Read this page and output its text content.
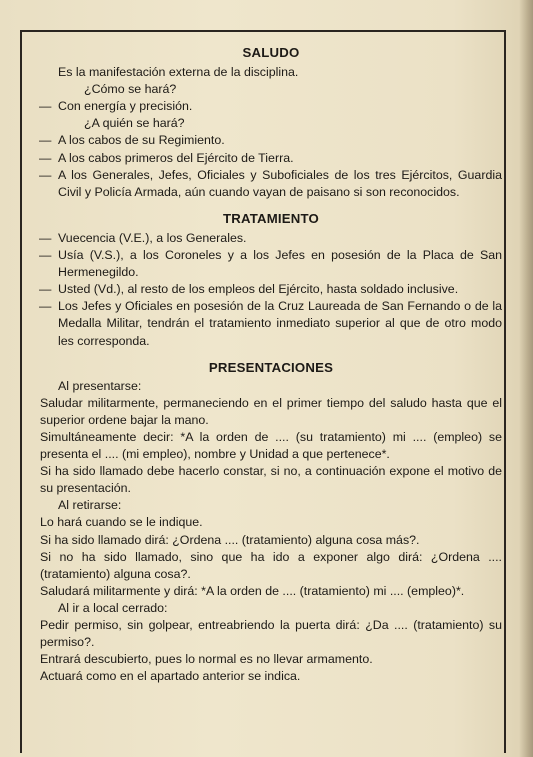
SALUDO

Es la manifestación externa de la disciplina.

¿Cómo se hará?

— Con energía y precisión.

¿A quién se hará?

— A los cabos de su Regimiento.

— A los cabos primeros del Ejército de Tierra.

— A los Generales, Jefes, Oficiales y Suboficiales de los tres Ejércitos, Guardia Civil y Policía Armada, aún cuando vayan de paisano si son reconocidos.

TRATAMIENTO

— Vuecencia (V.E.), a los Generales.

— Usía (V.S.), a los Coroneles y a los Jefes en posesión de la Placa de San Hermenegildo.

— Usted (Vd.), al resto de los empleos del Ejército, hasta soldado inclusive.

— Los Jefes y Oficiales en posesión de la Cruz Laureada de San Fernando o de la Medalla Militar, tendrán el tratamiento inmediato superior al que de otro modo les corresponda.

PRESENTACIONES

Al presentarse:

Saludar militarmente, permaneciendo en el primer tiempo del saludo hasta que el superior ordene bajar la mano.

Simultáneamente decir: *A la orden de .... (su tratamiento) mi .... (empleo) se presenta el .... (mi empleo), nombre y Unidad a que pertenece*.

Si ha sido llamado debe hacerlo constar, si no, a continuación expone el motivo de su presentación.

Al retirarse:

Lo hará cuando se le indique.

Si ha sido llamado dirá: ¿Ordena .... (tratamiento) alguna cosa más?.

Si no ha sido llamado, sino que ha ido a exponer algo dirá: ¿Ordena .... (tratamiento) alguna cosa?.

Saludará militarmente y dirá: *A la orden de .... (tratamiento) mi .... (empleo)*.

Al ir a local cerrado:

Pedir permiso, sin golpear, entreabriendo la puerta dirá: ¿Da .... (tratamiento) su permiso?.

Entrará descubierto, pues lo normal es no llevar armamento.

Actuará como en el apartado anterior se indica.
